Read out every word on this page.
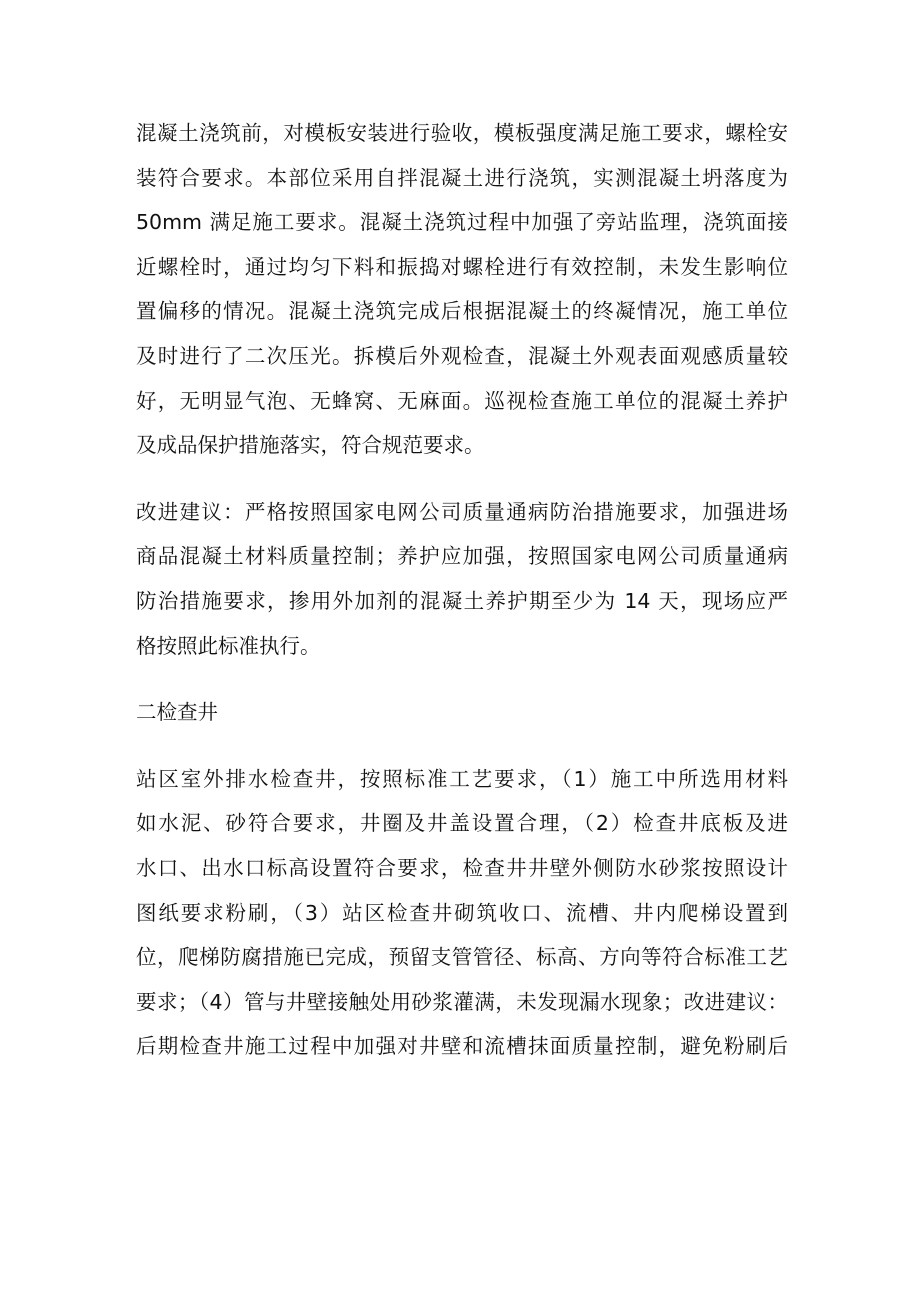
混凝土浇筑前，对模板安装进行验收，模板强度满足施工要求，螺栓安
装符合要求。本部位采用自拌混凝土进行浇筑，实测混凝土坍落度为
50mm 满足施工要求。混凝土浇筑过程中加强了旁站监理，浇筑面接
近螺栓时，通过均匀下料和振捣对螺栓进行有效控制，未发生影响位
置偏移的情况。混凝土浇筑完成后根据混凝土的终凝情况，施工单位
及时进行了二次压光。拆模后外观检查，混凝土外观表面观感质量较
好，无明显气泡、无蜂窝、无麻面。巡视检查施工单位的混凝土养护
及成品保护措施落实，符合规范要求。
改进建议：严格按照国家电网公司质量通病防治措施要求，加强进场
商品混凝土材料质量控制；养护应加强，按照国家电网公司质量通病
防治措施要求，掺用外加剂的混凝土养护期至少为 14 天，现场应严
格按照此标准执行。
二检查井
站区室外排水检查井，按照标准工艺要求，（1）施工中所选用材料
如水泥、砂符合要求，井圈及井盖设置合理，（2）检查井底板及进
水口、出水口标高设置符合要求，检查井井壁外侧防水砂浆按照设计
图纸要求粉刷，（3）站区检查井砌筑收口、流槽、井内爬梯设置到
位，爬梯防腐措施已完成，预留支管管径、标高、方向等符合标准工艺
要求；（4）管与井壁接触处用砂浆灌满，未发现漏水现象；改进建议：
后期检查井施工过程中加强对井壁和流槽抹面质量控制，避免粉刷后
